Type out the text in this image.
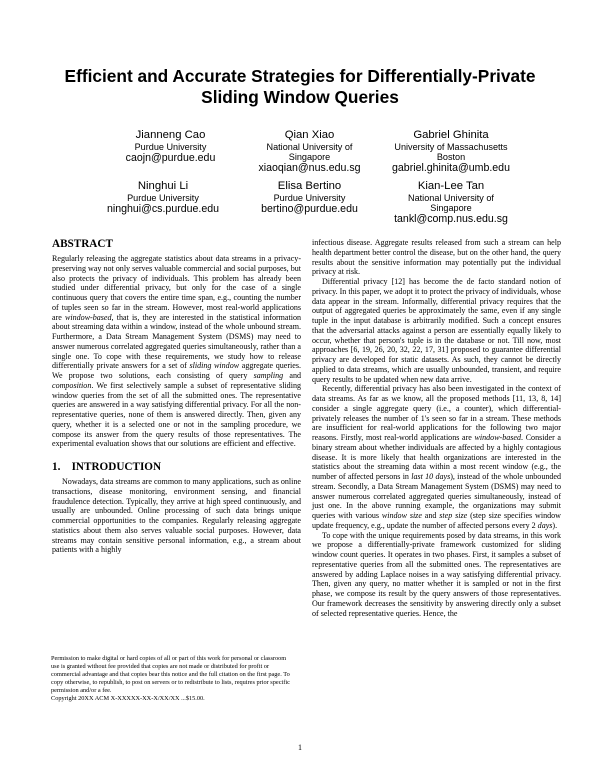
Efficient and Accurate Strategies for Differentially-Private
Sliding Window Queries
Jianneng Cao
Purdue University
caojn@purdue.edu
Qian Xiao
National University of
Singapore
xiaoqian@nus.edu.sg
Gabriel Ghinita
University of Massachusetts
Boston
gabriel.ghinita@umb.edu
Ninghui Li
Purdue University
ninghui@cs.purdue.edu
Elisa Bertino
Purdue University
bertino@purdue.edu
Kian-Lee Tan
National University of
Singapore
tankl@comp.nus.edu.sg
ABSTRACT

Regularly releasing the aggregate statistics about data streams in a privacy-preserving way not only serves valuable commercial and social purposes, but also protects the privacy of individuals. This problem has already been studied under differential privacy, but only for the case of a single continuous query that covers the entire time span, e.g., counting the number of tuples seen so far in the stream. However, most real-world applications are window-based, that is, they are interested in the statistical information about streaming data within a window, instead of the whole unbound stream. Furthermore, a Data Stream Management System (DSMS) may need to answer numerous correlated aggregated queries simultaneously, rather than a single one. To cope with these requirements, we study how to release differentially private answers for a set of sliding window aggregate queries. We propose two solutions, each consisting of query sampling and composition. We first selectively sample a subset of representative sliding window queries from the set of all the submitted ones. The representative queries are answered in a way satisfying differential privacy. For all the non-representative queries, none of them is answered directly. Then, given any query, whether it is a selected one or not in the sampling procedure, we compose its answer from the query results of those representatives. The experimental evaluation shows that our solutions are efficient and effective.

1.    INTRODUCTION

Nowadays, data streams are common to many applications, such as online transactions, disease monitoring, environment sensing, and financial fraudulence detection. Typically, they arrive at high speed continuously, and usually are unbounded. Online processing of such data brings unique commercial opportunities to the companies. Regularly releasing aggregate statistics about them also serves valuable social purposes. However, data streams may contain sensitive personal information, e.g., a stream about patients with a highly

Permission to make digital or hard copies of all or part of this work for personal or classroom use is granted without fee provided that copies are not made or distributed for profit or commercial advantage and that copies bear this notice and the full citation on the first page. To copy otherwise, to republish, to post on servers or to redistribute to lists, requires prior specific permission and/or a fee.

Copyright 20XX ACM X-XXXXX-XX-X/XX/XX ...$15.00.

infectious disease. Aggregate results released from such a stream can help health department better control the disease, but on the other hand, the query results about the sensitive information may potentially put the individual privacy at risk.

Differential privacy [12] has become the de facto standard notion of privacy. In this paper, we adopt it to protect the privacy of individuals, whose data appear in the stream. Informally, differential privacy requires that the output of aggregated queries be approximately the same, even if any single tuple in the input database is arbitrarily modified. Such a concept ensures that the adversarial attacks against a person are essentially equally likely to occur, whether that person's tuple is in the database or not. Till now, most approaches [6, 19, 26, 20, 32, 22, 17, 31] proposed to guarantee differential privacy are developed for static datasets. As such, they cannot be directly applied to data streams, which are usually unbounded, transient, and require query results to be updated when new data arrive.

Recently, differential privacy has also been investigated in the context of data streams. As far as we know, all the proposed methods [11, 13, 8, 14] consider a single aggregate query (i.e., a counter), which differential-privately releases the number of 1's seen so far in a stream. These methods are insufficient for real-world applications for the following two major reasons. Firstly, most real-world applications are window-based. Consider a binary stream about whether individuals are affected by a highly contagious disease. It is more likely that health organizations are interested in the statistics about the streaming data within a most recent window (e.g., the number of affected persons in last 10 days), instead of the whole unbounded stream. Secondly, a Data Stream Management System (DSMS) may need to answer numerous correlated aggregated queries simultaneously, instead of just one. In the above running example, the organizations may submit queries with various window size and step size (step size specifies window update frequency, e.g., update the number of affected persons every 2 days).

To cope with the unique requirements posed by data streams, in this work we propose a differentially-private framework customized for sliding window count queries. It operates in two phases. First, it samples a subset of representative queries from all the submitted ones. The representatives are answered by adding Laplace noises in a way satisfying differential privacy. Then, given any query, no matter whether it is sampled or not in the first phase, we compose its result by the query answers of those representatives. Our framework decreases the sensitivity by answering directly only a subset of selected representative queries. Hence, the

1
